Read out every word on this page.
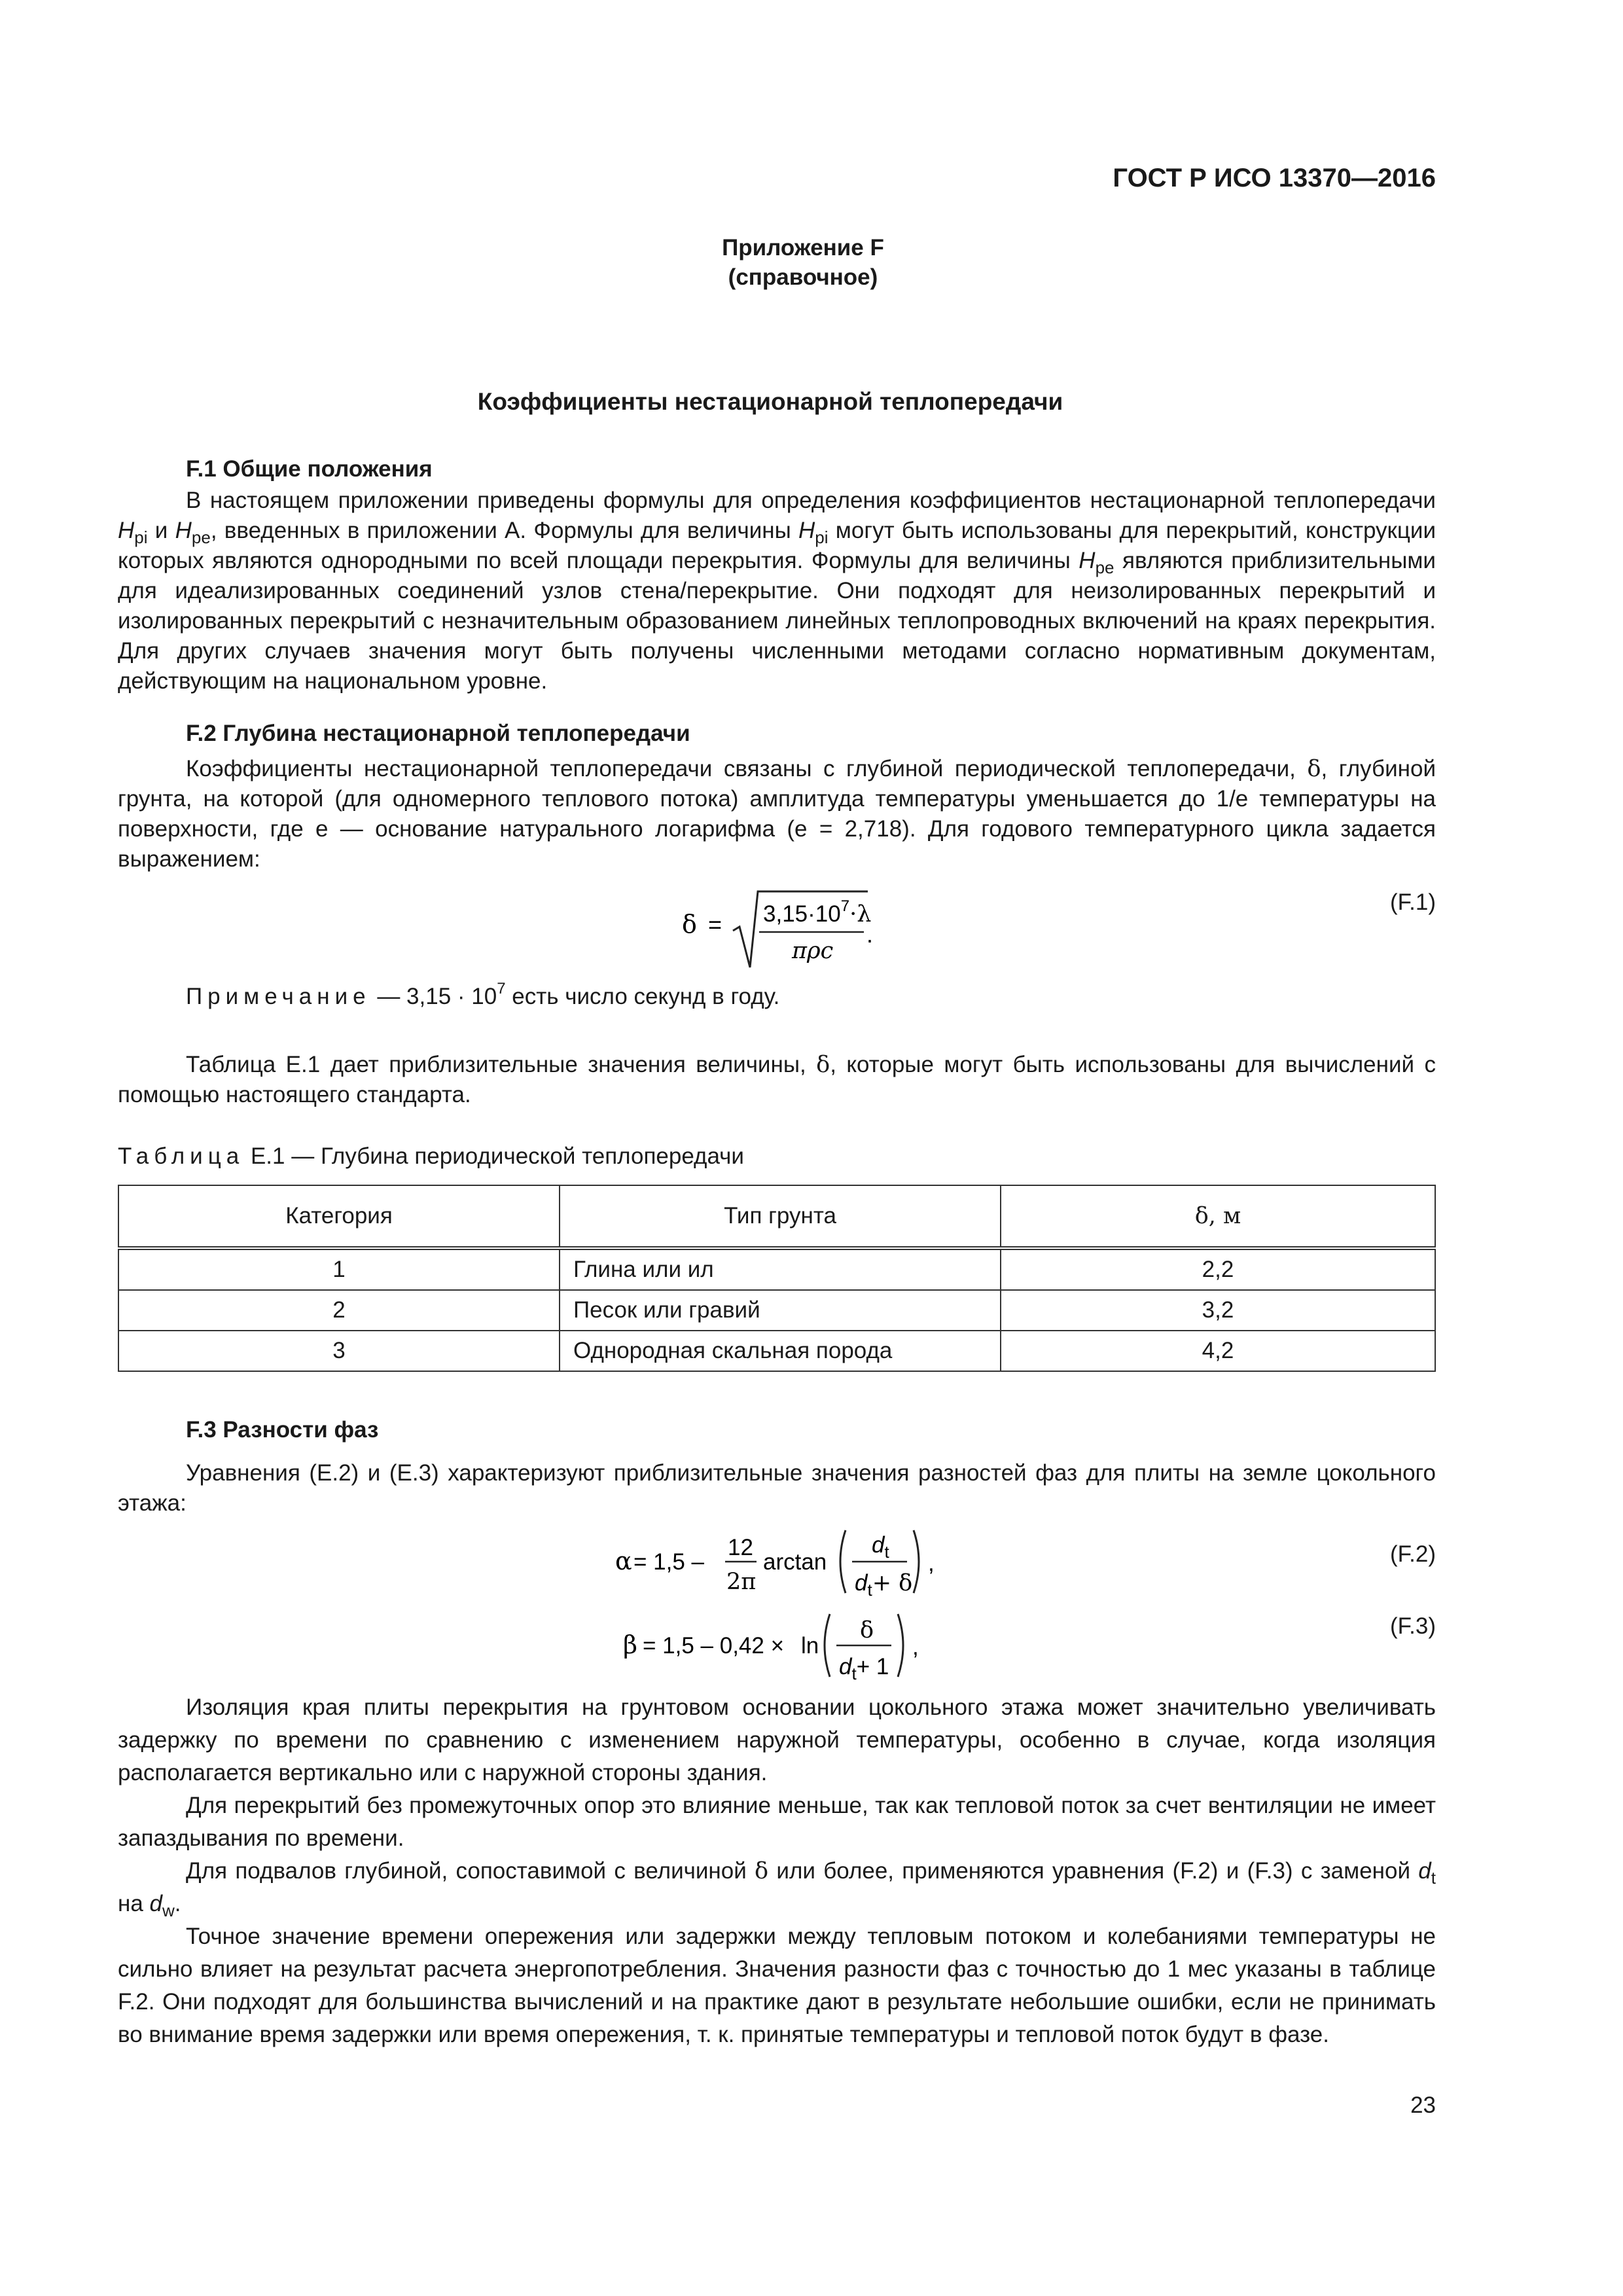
ГОСТ Р ИСО 13370—2016
Приложение F
(справочное)
Коэффициенты нестационарной теплопередачи
F.1 Общие положения

В настоящем приложении приведены формулы для определения коэффициентов нестационарной теплопередачи $H_{pi}$ и $H_{pe}$, введенных в приложении А. Формулы для величины $H_{pi}$ могут быть использованы для перекрытий, конструкции которых являются однородными по всей площади перекрытия. Формулы для величины $H_{pe}$ являются приблизительными для идеализированных соединений узлов стена/перекрытие. Они подходят для неизолированных перекрытий и изолированных перекрытий с незначительным образованием линейных теплопроводных включений на краях перекрытия. Для других случаев значения могут быть получены численными методами согласно нормативным документам, действующим на национальном уровне.

F.2 Глубина нестационарной теплопередачи

Коэффициенты нестационарной теплопередачи связаны с глубиной периодической теплопередачи, δ, глубиной грунта, на которой (для одномерного теплового потока) амплитуда температуры уменьшается до 1/е температуры на поверхности, где е — основание натурального логарифма (е = 2,718). Для годового температурного цикла задается выражением:

$\delta = 3,15\cdot 10^7\cdot\lambda$
πρc
.
(F.1)

Примечание — $3,15 \cdot 10^7$ есть число секунд в году.

Таблица Е.1 дает приблизительные значения величины, δ, которые могут быть использованы для вычислений с помощью настоящего стандарта.

Таблица Е.1 — Глубина периодической теплопередачи
Категория	Тип грунта	δ, м
1	Глина или ил	2,2
2	Песок или гравий	3,2
3	Однородная скальная порода	4,2
F.3 Разности фаз

Уравнения (Е.2) и (Е.3) характеризуют приблизительные значения разностей фаз для плиты на земле цокольного этажа:

α = 1,5 –
12
2π
arctan
$d_t$
$d_t+ \delta$
,	(F.2)
β = 1,5 – 0,42 × ln
δ
$d_t+ 1$
,
(F.3)

Изоляция края плиты перекрытия на грунтовом основании цокольного этажа может значительно увеличивать задержку по времени по сравнению с изменением наружной температуры, особенно в случае, когда изоляция располагается вертикально или с наружной стороны здания.

Для перекрытий без промежуточных опор это влияние меньше, так как тепловой поток за счет вентиляции не имеет запаздывания по времени.

Для подвалов глубиной, сопоставимой с величиной δ или более, применяются уравнения (F.2) и (F.3) с заменой $d_t$ на $d_w$.

Точное значение времени опережения или задержки между тепловым потоком и колебаниями температуры не сильно влияет на результат расчета энергопотребления. Значения разности фаз с точностью до 1 мес указаны в таблице F.2. Они подходят для большинства вычислений и на практике дают в результате небольшие ошибки, если не принимать во внимание время задержки или время опережения, т. к. принятые температуры и тепловой поток будут в фазе.

23
